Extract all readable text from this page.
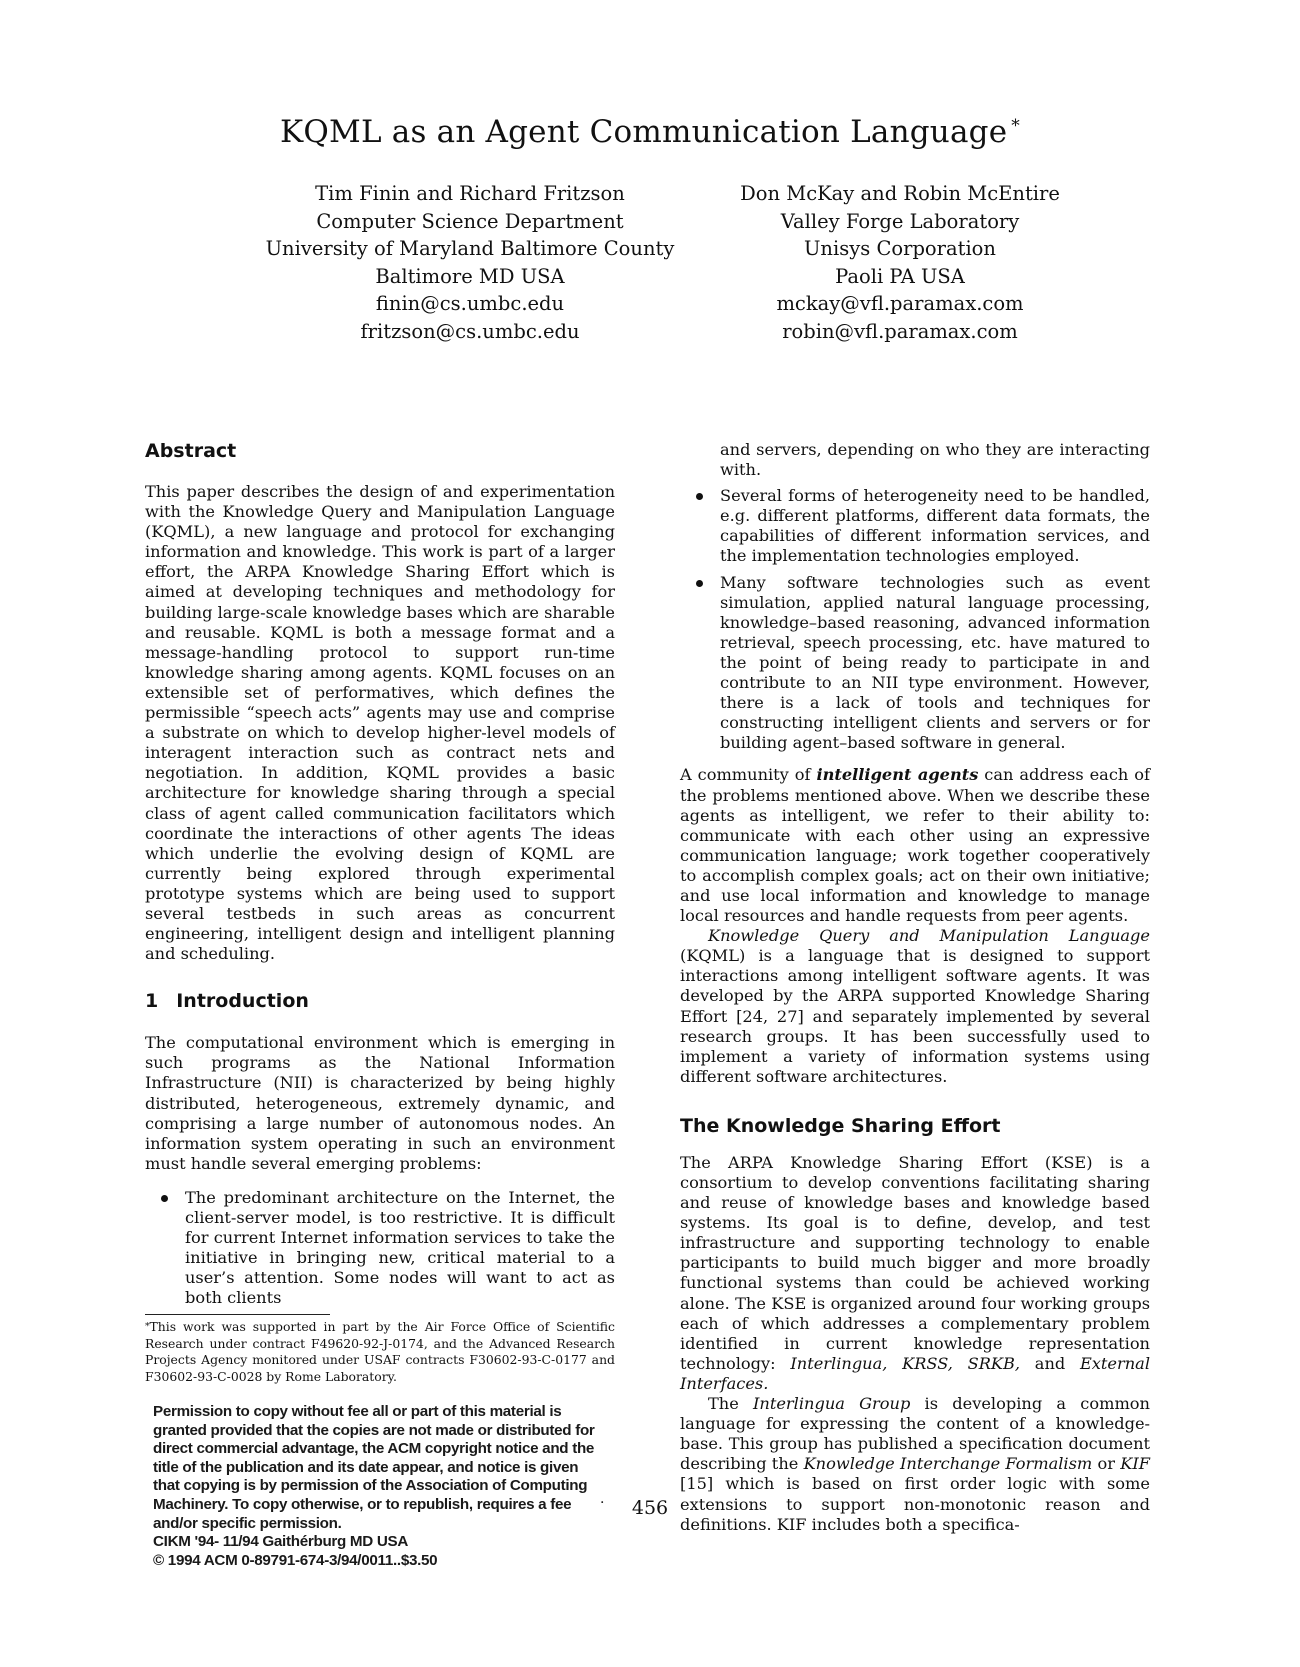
KQML as an Agent Communication Language *
Tim Finin and Richard Fritzson
Computer Science Department
University of Maryland Baltimore County
Baltimore MD USA
finin@cs.umbc.edu
fritzson@cs.umbc.edu
Don McKay and Robin McEntire
Valley Forge Laboratory
Unisys Corporation
Paoli PA USA
mckay@vfl.paramax.com
robin@vfl.paramax.com
Abstract

This paper describes the design of and experimentation with the Knowledge Query and Manipulation Language (KQML), a new language and protocol for exchanging information and knowledge. This work is part of a larger effort, the ARPA Knowledge Sharing Effort which is aimed at developing techniques and methodology for building large-scale knowledge bases which are sharable and reusable. KQML is both a message format and a message-handling protocol to support run-time knowledge sharing among agents. KQML focuses on an extensible set of performatives, which defines the permissible “speech acts” agents may use and comprise a substrate on which to develop higher-level models of interagent interaction such as contract nets and negotiation. In addition, KQML provides a basic architecture for knowledge sharing through a special class of agent called communication facilitators which coordinate the interactions of other agents The ideas which underlie the evolving design of KQML are currently being explored through experimental prototype systems which are being used to support several testbeds in such areas as concurrent engineering, intelligent design and intelligent planning and scheduling.

1 Introduction

The computational environment which is emerging in such programs as the National Information Infrastructure (NII) is characterized by being highly distributed, heterogeneous, extremely dynamic, and comprising a large number of autonomous nodes. An information system operating in such an environment must handle several emerging problems:

The predominant architecture on the Internet, the client-server model, is too restrictive. It is difficult for current Internet information services to take the initiative in bringing new, critical material to a user’s attention. Some nodes will want to act as both clients

*This work was supported in part by the Air Force Office of Scientific Research under contract F49620-92-J-0174, and the Advanced Research Projects Agency monitored under USAF contracts F30602-93-C-0177 and F30602-93-C-0028 by Rome Laboratory.

Permission to copy without fee all or part of this material is
granted provided that the copies are not made or distributed for
direct commercial advantage, the ACM copyright notice and the
title of the publication and its date appear, and notice is given
that copying is by permission of the Association of Computing
Machinery. To copy otherwise, or to republish, requires a fee
and/or specific permission.
CIKM '94- 11/94 Gaithérburg MD USA
© 1994 ACM 0-89791-674-3/94/0011..$3.50

and servers, depending on who they are interacting with.

Several forms of heterogeneity need to be handled, e.g. different platforms, different data formats, the capabilities of different information services, and the implementation technologies employed.
Many software technologies such as event simulation, applied natural language processing, knowledge–based reasoning, advanced information retrieval, speech processing, etc. have matured to the point of being ready to participate in and contribute to an NII type environment. However, there is a lack of tools and techniques for constructing intelligent clients and servers or for building agent–based software in general.

A community of intelligent agents can address each of the problems mentioned above. When we describe these agents as intelligent, we refer to their ability to: communicate with each other using an expressive communication language; work together cooperatively to accomplish complex goals; act on their own initiative; and use local information and knowledge to manage local resources and handle requests from peer agents.

Knowledge Query and Manipulation Language (KQML) is a language that is designed to support interactions among intelligent software agents. It was developed by the ARPA supported Knowledge Sharing Effort [24, 27] and separately implemented by several research groups. It has been successfully used to implement a variety of information systems using different software architectures.

The Knowledge Sharing Effort

The ARPA Knowledge Sharing Effort (KSE) is a consortium to develop conventions facilitating sharing and reuse of knowledge bases and knowledge based systems. Its goal is to define, develop, and test infrastructure and supporting technology to enable participants to build much bigger and more broadly functional systems than could be achieved working alone. The KSE is organized around four working groups each of which addresses a complementary problem identified in current knowledge representation technology: Interlingua, KRSS, SRKB, and External Interfaces.

The Interlingua Group is developing a common language for expressing the content of a knowledge-base. This group has published a specification document describing the Knowledge Interchange Formalism or KIF [15] which is based on first order logic with some extensions to support non-monotonic reason and definitions. KIF includes both a specifica-

· 456
